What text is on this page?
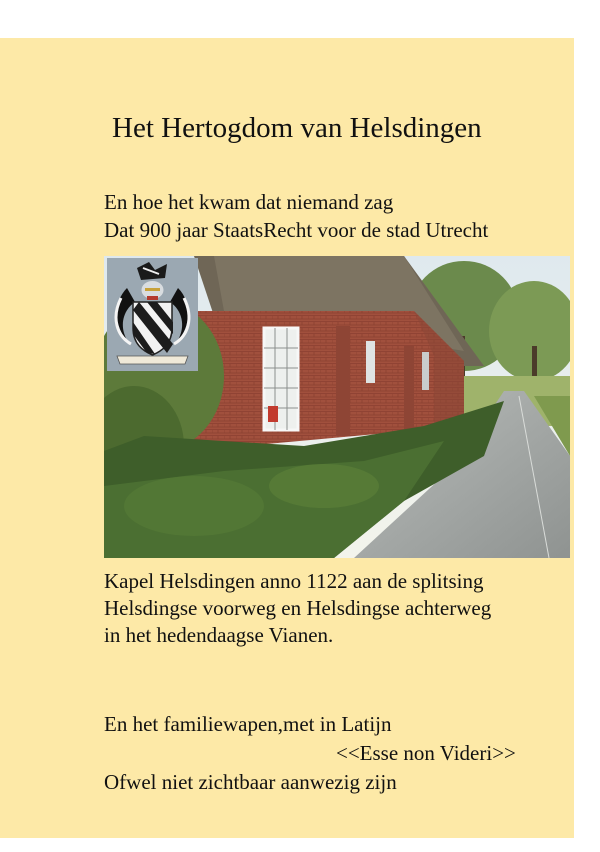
Het Hertogdom van Helsdingen
En hoe het kwam dat niemand zag
Dat 900 jaar StaatsRecht voor de stad Utrecht
Kapel Helsdingen anno 1122 aan de splitsing
Helsdingse voorweg en Helsdingse achterweg
in het hedendaagse Vianen.
En het familiewapen,met in Latijn
<<Esse non Videri>>
Ofwel niet zichtbaar aanwezig zijn
